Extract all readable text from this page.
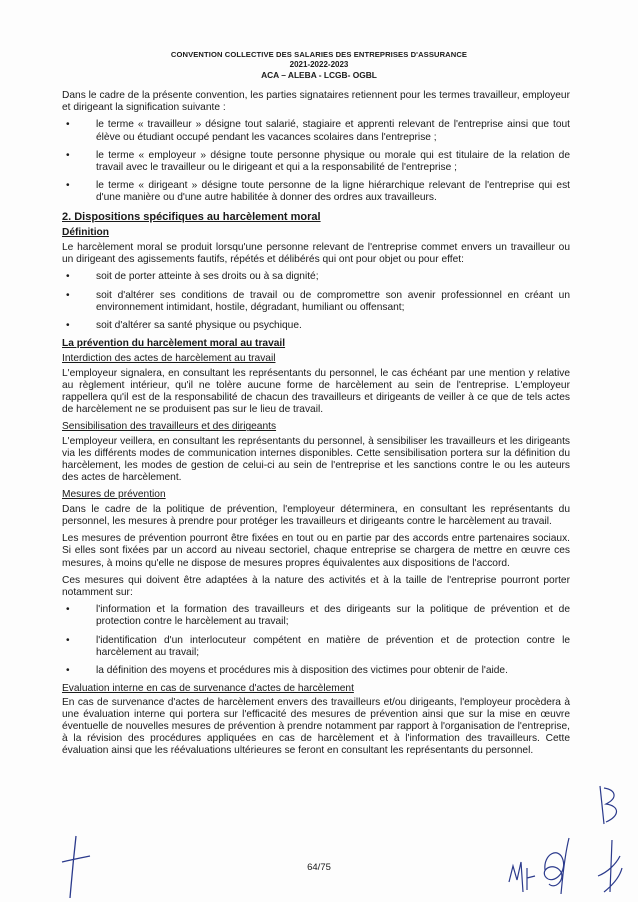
CONVENTION COLLECTIVE DES SALARIES DES ENTREPRISES D'ASSURANCE
2021-2022-2023
ACA – ALEBA - LCGB- OGBL

Dans le cadre de la présente convention, les parties signataires retiennent pour les termes travailleur, employeur et dirigeant la signification suivante :

•	le terme « travailleur » désigne tout salarié, stagiaire et apprenti relevant de l'entreprise ainsi que tout élève ou étudiant occupé pendant les vacances scolaires dans l'entreprise ;
•	le terme « employeur » désigne toute personne physique ou morale qui est titulaire de la relation de travail avec le travailleur ou le dirigeant et qui a la responsabilité de l'entreprise ;
•	le terme « dirigeant » désigne toute personne de la ligne hiérarchique relevant de l'entreprise qui est d'une manière ou d'une autre habilitée à donner des ordres aux travailleurs.
2. Dispositions spécifiques au harcèlement moral
Définition

Le harcèlement moral se produit lorsqu'une personne relevant de l'entreprise commet envers un travailleur ou un dirigeant des agissements fautifs, répétés et délibérés qui ont pour objet ou pour effet:

•	soit de porter atteinte à ses droits ou à sa dignité;
•	soit d'altérer ses conditions de travail ou de compromettre son avenir professionnel en créant un environnement intimidant, hostile, dégradant, humiliant ou offensant;
•	soit d'altérer sa santé physique ou psychique.
La prévention du harcèlement moral au travail
Interdiction des actes de harcèlement au travail

L'employeur signalera, en consultant les représentants du personnel, le cas échéant par une mention y relative au règlement intérieur, qu'il ne tolère aucune forme de harcèlement au sein de l'entreprise. L'employeur rappellera qu'il est de la responsabilité de chacun des travailleurs et dirigeants de veiller à ce que de tels actes de harcèlement ne se produisent pas sur le lieu de travail.

Sensibilisation des travailleurs et des dirigeants

L'employeur veillera, en consultant les représentants du personnel, à sensibiliser les travailleurs et les dirigeants via les différents modes de communication internes disponibles. Cette sensibilisation portera sur la définition du harcèlement, les modes de gestion de celui-ci au sein de l'entreprise et les sanctions contre le ou les auteurs des actes de harcèlement.

Mesures de prévention

Dans le cadre de la politique de prévention, l'employeur déterminera, en consultant les représentants du personnel, les mesures à prendre pour protéger les travailleurs et dirigeants contre le harcèlement au travail.

Les mesures de prévention pourront être fixées en tout ou en partie par des accords entre partenaires sociaux. Si elles sont fixées par un accord au niveau sectoriel, chaque entreprise se chargera de mettre en œuvre ces mesures, à moins qu'elle ne dispose de mesures propres équivalentes aux dispositions de l'accord.

Ces mesures qui doivent être adaptées à la nature des activités et à la taille de l'entreprise pourront porter notamment sur:

•	l'information et la formation des travailleurs et des dirigeants sur la politique de prévention et de protection contre le harcèlement au travail;
•	l'identification d'un interlocuteur compétent en matière de prévention et de protection contre le harcèlement au travail;
•	la définition des moyens et procédures mis à disposition des victimes pour obtenir de l'aide.
Evaluation interne en cas de survenance d'actes de harcèlement

En cas de survenance d'actes de harcèlement envers des travailleurs et/ou dirigeants, l'employeur procèdera à une évaluation interne qui portera sur l'efficacité des mesures de prévention ainsi que sur la mise en œuvre éventuelle de nouvelles mesures de prévention à prendre notamment par rapport à l'organisation de l'entreprise, à la révision des procédures appliquées en cas de harcèlement et à l'information des travailleurs. Cette évaluation ainsi que les réévaluations ultérieures se feront en consultant les représentants du personnel.

64/75
